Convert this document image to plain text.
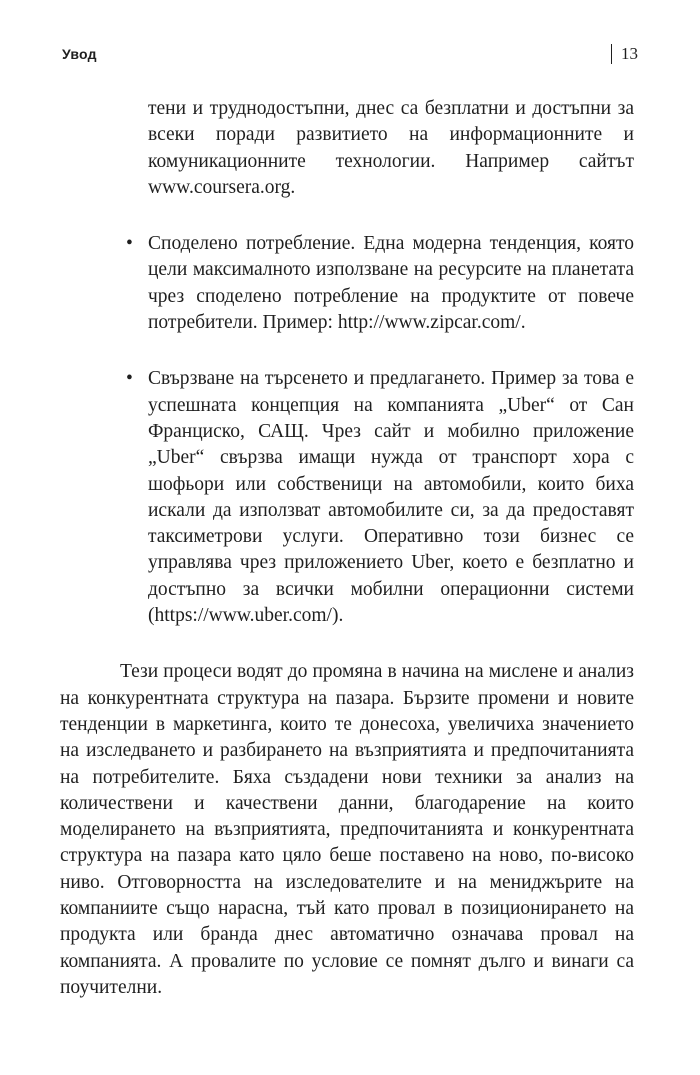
Увод	13

тени и труднодостъпни, днес са безплатни и достъпни за всеки поради развитието на информационните и комуникационните технологии. Например сайтът www.coursera.org.

• Споделено потребление. Една модерна тенденция, която цели максималното използване на ресурсите на планетата чрез споделено потребление на продуктите от повече потребители. Пример: http://www.zipcar.com/.
• Свързване на търсенето и предлагането. Пример за това е успешната концепция на компанията „Uber“ от Сан Франциско, САЩ. Чрез сайт и мобилно приложение „Uber“ свързва имащи нужда от транспорт хора с шофьори или собственици на автомобили, които биха искали да използват автомобилите си, за да предоставят таксиметрови услуги. Оперативно този бизнес се управлява чрез приложението Uber, което е безплатно и достъпно за всички мобилни операционни системи (https://www.uber.com/).

Тези процеси водят до промяна в начина на мислене и анализ на конкурентната структура на пазара. Бързите промени и новите тенденции в маркетинга, които те донесоха, увеличиха значението на изследването и разбирането на възприятията и предпочитанията на потребителите. Бяха създадени нови техники за анализ на количествени и качествени данни, благодарение на които моделирането на възприятията, предпочитанията и конкурентната структура на пазара като цяло беше поставено на ново, по-високо ниво. Отговорността на изследователите и на мениджърите на компаниите също нарасна, тъй като провал в позиционирането на продукта или бранда днес автоматично означава провал на компанията. А провалите по условие се помнят дълго и винаги са поучителни.
